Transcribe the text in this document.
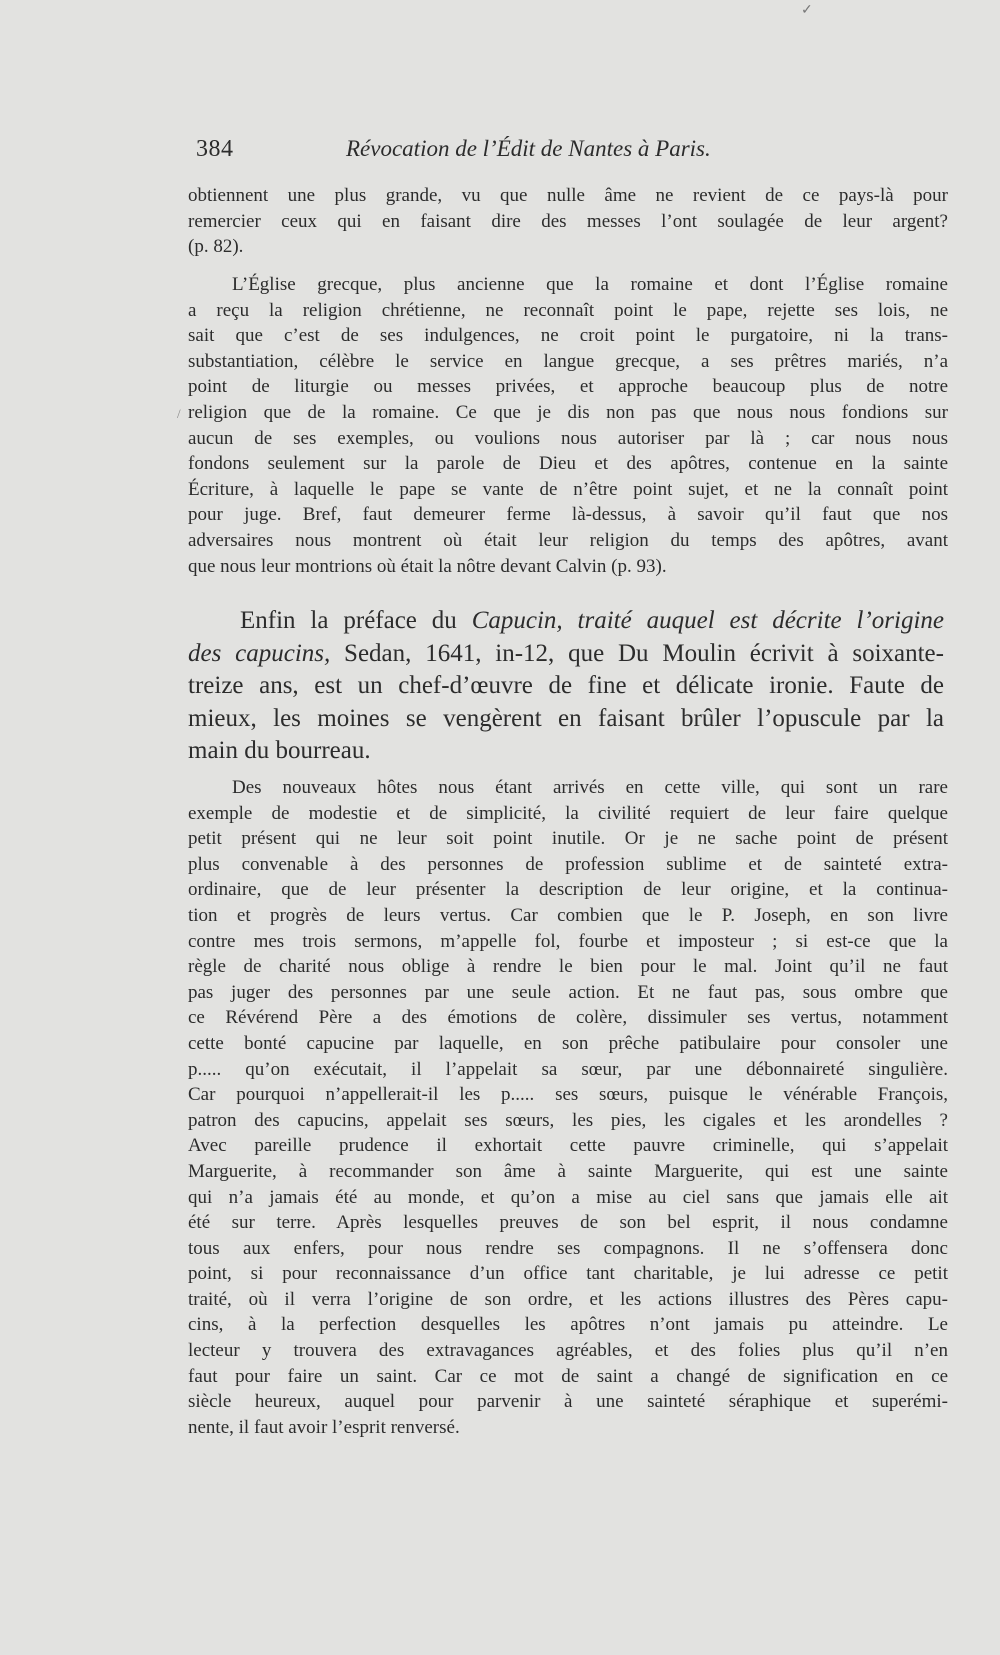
384	Révocation de l’Édit de Nantes à Paris.
obtiennent une plus grande, vu que nulle âme ne revient de ce pays-là pour
remercier ceux qui en faisant dire des messes l’ont soulagée de leur argent?
(p. 82).
L’Église grecque, plus ancienne que la romaine et dont l’Église romaine
a reçu la religion chrétienne, ne reconnaît point le pape, rejette ses lois, ne
sait que c’est de ses indulgences, ne croit point le purgatoire, ni la trans-
substantiation, célèbre le service en langue grecque, a ses prêtres mariés, n’a
point de liturgie ou messes privées, et approche beaucoup plus de notre
religion que de la romaine. Ce que je dis non pas que nous nous fondions sur
aucun de ses exemples, ou voulions nous autoriser par là ; car nous nous
fondons seulement sur la parole de Dieu et des apôtres, contenue en la sainte
Écriture, à laquelle le pape se vante de n’être point sujet, et ne la connaît point
pour juge. Bref, faut demeurer ferme là-dessus, à savoir qu’il faut que nos
adversaires nous montrent où était leur religion du temps des apôtres, avant
que nous leur montrions où était la nôtre devant Calvin (p. 93).
Enfin la préface du Capucin, traité auquel est décrite l’origine
des capucins, Sedan, 1641, in-12, que Du Moulin écrivit à soixante-
treize ans, est un chef-d’œuvre de fine et délicate ironie. Faute de
mieux, les moines se vengèrent en faisant brûler l’opuscule par la
main du bourreau.
Des nouveaux hôtes nous étant arrivés en cette ville, qui sont un rare
exemple de modestie et de simplicité, la civilité requiert de leur faire quelque
petit présent qui ne leur soit point inutile. Or je ne sache point de présent
plus convenable à des personnes de profession sublime et de sainteté extra-
ordinaire, que de leur présenter la description de leur origine, et la continua-
tion et progrès de leurs vertus. Car combien que le P. Joseph, en son livre
contre mes trois sermons, m’appelle fol, fourbe et imposteur ; si est-ce que la
règle de charité nous oblige à rendre le bien pour le mal. Joint qu’il ne faut
pas juger des personnes par une seule action. Et ne faut pas, sous ombre que
ce Révérend Père a des émotions de colère, dissimuler ses vertus, notamment
cette bonté capucine par laquelle, en son prêche patibulaire pour consoler une
p..... qu’on exécutait, il l’appelait sa sœur, par une débonnaireté singulière.
Car pourquoi n’appellerait-il les p..... ses sœurs, puisque le vénérable François,
patron des capucins, appelait ses sœurs, les pies, les cigales et les arondelles ?
Avec pareille prudence il exhortait cette pauvre criminelle, qui s’appelait
Marguerite, à recommander son âme à sainte Marguerite, qui est une sainte
qui n’a jamais été au monde, et qu’on a mise au ciel sans que jamais elle ait
été sur terre. Après lesquelles preuves de son bel esprit, il nous condamne
tous aux enfers, pour nous rendre ses compagnons. Il ne s’offensera donc
point, si pour reconnaissance d’un office tant charitable, je lui adresse ce petit
traité, où il verra l’origine de son ordre, et les actions illustres des Pères capu-
cins, à la perfection desquelles les apôtres n’ont jamais pu atteindre. Le
lecteur y trouvera des extravagances agréables, et des folies plus qu’il n’en
faut pour faire un saint. Car ce mot de saint a changé de signification en ce
siècle heureux, auquel pour parvenir à une sainteté séraphique et superémi-
nente, il faut avoir l’esprit renversé.
✓
/
